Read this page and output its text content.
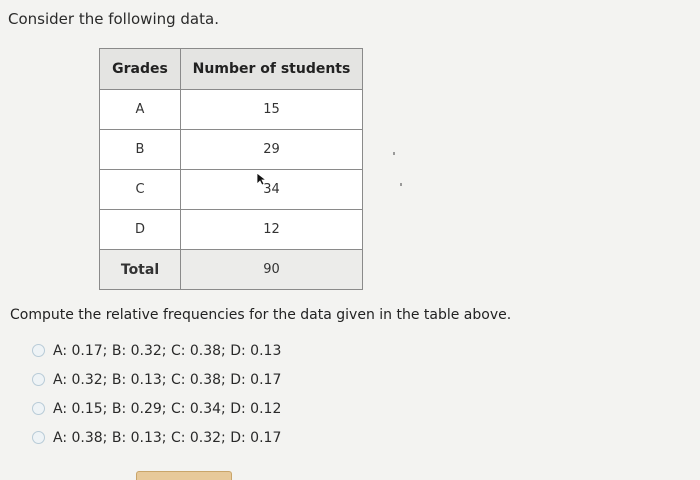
Consider the following data.
Grades	Number of students
A	15
B	29
C	34
D	12
Total	90
Compute the relative frequencies for the data given in the table above.
A: 0.17; B: 0.32; C: 0.38; D: 0.13
A: 0.32; B: 0.13; C: 0.38; D: 0.17
A: 0.15; B: 0.29; C: 0.34; D: 0.12
A: 0.38; B: 0.13; C: 0.32; D: 0.17
